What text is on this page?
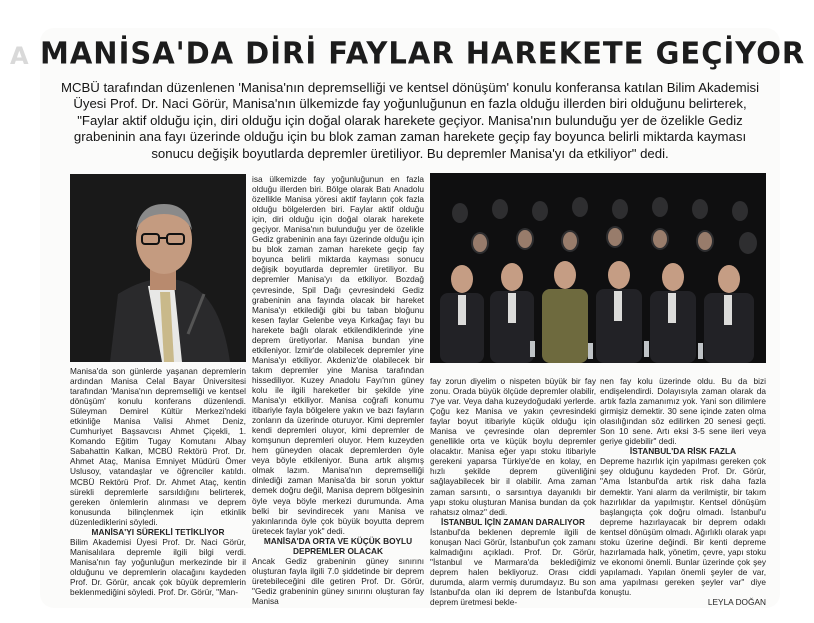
A MANİSA'DA DİRİ FAYLAR HAREKETE GEÇİYOR
MCBÜ tarafından düzenlenen 'Manisa'nın depremselliği ve kentsel dönüşüm' konulu konferansa katılan Bilim Akademisi Üyesi Prof. Dr. Naci Görür, Manisa'nın ülkemizde fay yoğunluğunun en fazla olduğu illerden biri olduğunu belirterek, "Faylar aktif olduğu için, diri olduğu için doğal olarak harekete geçiyor. Manisa'nın bulunduğu yer de özelikle Gediz grabeninin ana fayı üzerinde olduğu için bu blok zaman zaman harekete geçip fay boyunca belirli miktarda kayması sonucu değişik boyutlarda depremler üretiliyor. Bu depremler Manisa'yı da etkiliyor" dedi.

Manisa'da son günlerde yaşanan depremlerin ardından Manisa Celal Bayar Üniversitesi tarafından 'Manisa'nın depremselliği ve kentsel dönüşüm' konulu konferans düzenlendi. Süleyman Demirel Kültür Merkezi'ndeki etkinliğe Manisa Valisi Ahmet Deniz, Cumhuriyet Başsavcısı Ahmet Çiçekli, 1. Komando Eğitim Tugay Komutanı Albay Sabahattin Kalkan, MCBÜ Rektörü Prof. Dr. Ahmet Ataç, Manisa Emniyet Müdürü Ömer Uslusoy, vatandaşlar ve öğrenciler katıldı. MCBÜ Rektörü Prof. Dr. Ahmet Ataç, kentin sürekli depremlerle sarsıldığını belirterek, gereken önlemlerin alınması ve deprem konusunda bilinçlenmek için etkinlik düzenlediklerini söyledi.

MANİSA'YI SÜREKLİ TETİKLİYOR

Bilim Akademisi Üyesi Prof. Dr. Naci Görür, Manisalılara depremle ilgili bilgi verdi. Manisa'nın fay yoğunluğun merkezinde bir il olduğunu ve depremlerin olacağını kaydeden Prof. Dr. Görür, ancak çok büyük depremlerin beklenmediğini söyledi. Prof. Dr. Görür, "Man-

isa ülkemizde fay yoğunluğunun en fazla olduğu illerden biri. Bölge olarak Batı Anadolu özellikle Manisa yöresi aktif fayların çok fazla olduğu bölgelerden biri. Faylar aktif olduğu için, diri olduğu için doğal olarak harekete geçiyor. Manisa'nın bulunduğu yer de özelikle Gediz grabeninin ana fayı üzerinde olduğu için bu blok zaman zaman harekete geçip fay boyunca belirli miktarda kayması sonucu değişik boyutlarda depremler üretiliyor. Bu depremler Manisa'yı da etkiliyor. Bozdağ çevresinde, Spil Dağı çevresindeki Gediz grabeninin ana fayında olacak bir hareket Manisa'yı etkilediği gibi bu taban bloğunu kesen faylar Gelenbe veya Kırkağaç fayı bu harekete bağlı olarak etkilendiklerinde yine deprem üretiyorlar. Manisa bundan yine etkileniyor. İzmir'de olabilecek depremler yine Manisa'yı etkiliyor. Akdeniz'de olabilecek bir takım depremler yine Manisa tarafından hissediliyor. Kuzey Anadolu Fayı'nın güney kolu ile ilgili hareketler bir şekilde yine Manisa'yı etkiliyor. Manisa coğrafi konumu itibariyle fayla bölgelere yakın ve bazı fayların zonların da üzerinde oturuyor. Kimi depremler kendi depremleri oluyor, kimi depremler de komşunun depremleri oluyor. Hem kuzeyden hem güneyden olacak depremlerden öyle veya böyle etkileniyor. Buna artık alışmış olmak lazım. Manisa'nın depremselliği dinlediği zaman Manisa'da bir sorun yoktur demek doğru değil, Manisa deprem bölgesinin öyle veya böyle merkezi durumunda. Ama belki bir sevindirecek yanı Manisa ve yakınlarında öyle çok büyük boyutta deprem üretecek faylar yok" dedi.

MANİSA'DA ORTA VE KÜÇÜK BOYLU DEPREMLER OLACAK

Ancak Gediz grabeninin güney sınırını oluşturan fayla ilgili 7.0 şiddetinde bir deprem üretebileceğini dile getiren Prof. Dr. Görür, "Gediz grabeninin güney sınırını oluşturan fay Manisa

fay zorun diyelim o nispeten büyük bir fay zonu. Orada büyük ölçüde depremler olabilir, 7'ye var. Veya daha kuzeydoğudaki yerlerde. Çoğu kez Manisa ve yakın çevresindeki faylar boyut itibariyle küçük olduğu için Manisa ve çevresinde olan depremler genellikle orta ve küçük boylu depremler olacaktır. Manisa eğer yapı stoku itibariyle gerekeni yaparsa Türkiye'de en kolay, en hızlı şekilde deprem güvenliğini sağlayabilecek bir il olabilir. Ama zaman zaman sarsıntı, o sarsıntıya dayanıklı bir yapı stoku oluşturan Manisa bundan da çok rahatsız olmaz" dedi.

İSTANBUL İÇİN ZAMAN DARALIYOR

İstanbul'da beklenen depremle ilgili de konuşan Naci Görür, İstanbul'un çok zamanı kalmadığını açıkladı. Prof. Dr. Görür, "İstanbul ve Marmara'da beklediğimiz deprem halen bekliyoruz. Orası ciddi durumda, alarm vermiş durumdayız. Bu son İstanbul'da olan iki deprem de İstanbul'da deprem üretmesi bekle-

nen fay kolu üzerinde oldu. Bu da bizi endişelendirdi. Dolayısıyla zaman olarak da artık fazla zamanımız yok. Yani son dilimlere girmişiz demektir. 30 sene içinde zaten olma olasılığından söz edilirken 20 senesi geçti. Son 10 sene. Artı eksi 3-5 sene ileri veya geriye gidebilir" dedi.

İSTANBUL'DA RİSK FAZLA

Depreme hazırlık için yapılması gereken çok şey olduğunu kaydeden Prof. Dr. Görür, "Ama İstanbul'da artık risk daha fazla demektir. Yani alarm da verilmiştir, bir takım hazırlıklar da yapılmıştır. Kentsel dönüşüm başlangıçta çok doğru olmadı. İstanbul'u depreme hazırlayacak bir deprem odaklı kentsel dönüşüm olmadı. Ağırlıklı olarak yapı stoku üzerine değindi. Bir kenti depreme hazırlamada halk, yönetim, çevre, yapı stoku ve ekonomi önemli. Bunlar üzerinde çok şey yapılamadı. Yapılan önemli şeyler de var, ama yapılması gereken şeyler var" diye konuştu.

LEYLA DOĞAN
